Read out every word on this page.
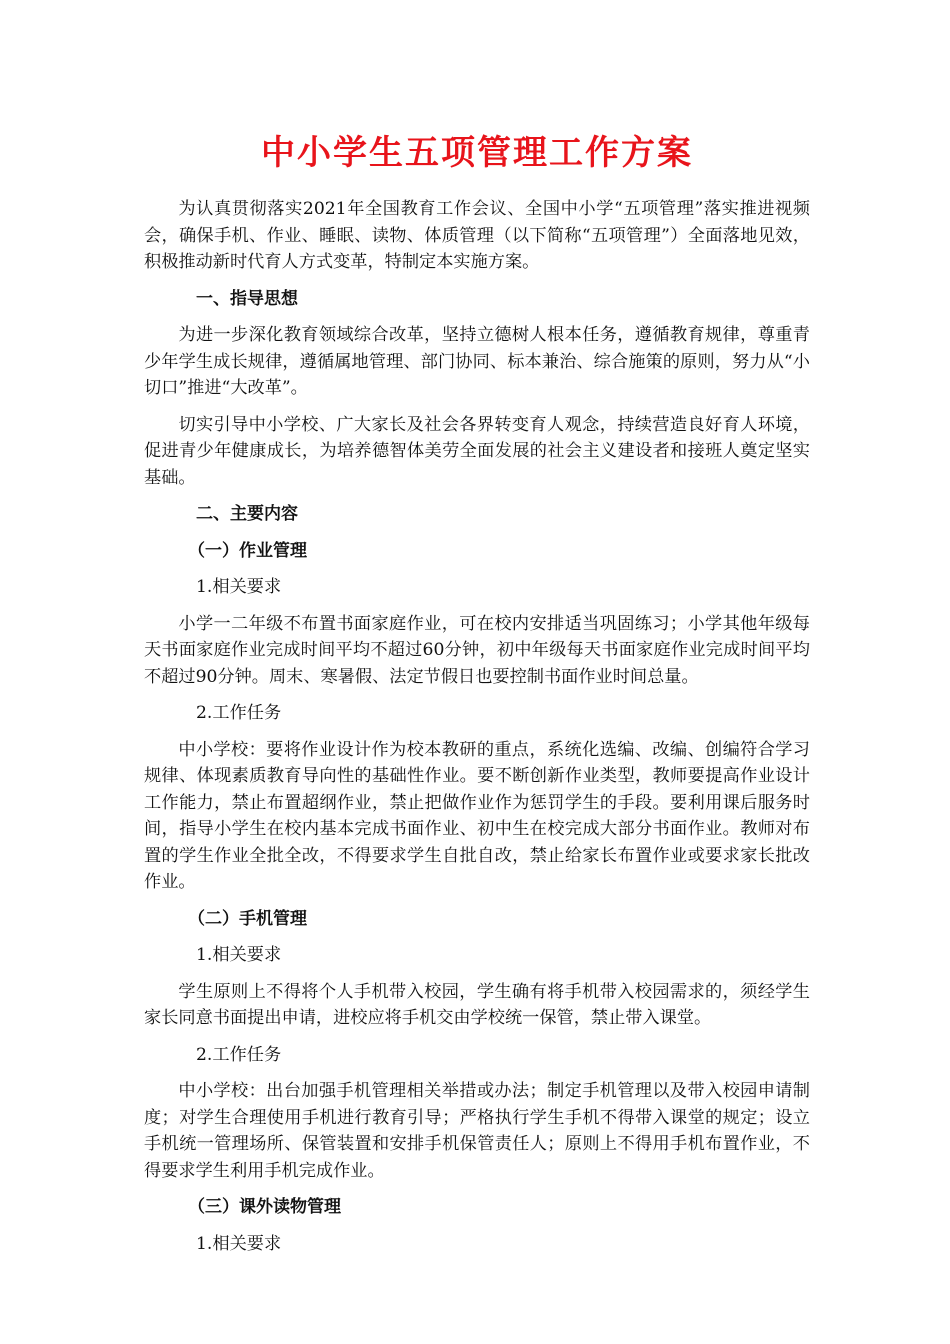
中小学生五项管理工作方案

为认真贯彻落实2021年全国教育工作会议、全国中小学“五项管理”落实推进视频会，确保手机、作业、睡眠、读物、体质管理（以下简称“五项管理”）全面落地见效，积极推动新时代育人方式变革，特制定本实施方案。

一、指导思想

为进一步深化教育领域综合改革，坚持立德树人根本任务，遵循教育规律，尊重青少年学生成长规律，遵循属地管理、部门协同、标本兼治、综合施策的原则，努力从“小切口”推进“大改革”。

切实引导中小学校、广大家长及社会各界转变育人观念，持续营造良好育人环境，促进青少年健康成长，为培养德智体美劳全面发展的社会主义建设者和接班人奠定坚实基础。

二、主要内容

（一）作业管理

1.相关要求

小学一二年级不布置书面家庭作业，可在校内安排适当巩固练习；小学其他年级每天书面家庭作业完成时间平均不超过60分钟，初中年级每天书面家庭作业完成时间平均不超过90分钟。周末、寒暑假、法定节假日也要控制书面作业时间总量。

2.工作任务

中小学校：要将作业设计作为校本教研的重点，系统化选编、改编、创编符合学习规律、体现素质教育导向性的基础性作业。要不断创新作业类型，教师要提高作业设计工作能力，禁止布置超纲作业，禁止把做作业作为惩罚学生的手段。要利用课后服务时间，指导小学生在校内基本完成书面作业、初中生在校完成大部分书面作业。教师对布置的学生作业全批全改，不得要求学生自批自改，禁止给家长布置作业或要求家长批改作业。

（二）手机管理

1.相关要求

学生原则上不得将个人手机带入校园，学生确有将手机带入校园需求的，须经学生家长同意书面提出申请，进校应将手机交由学校统一保管，禁止带入课堂。

2.工作任务

中小学校：出台加强手机管理相关举措或办法；制定手机管理以及带入校园申请制度；对学生合理使用手机进行教育引导；严格执行学生手机不得带入课堂的规定；设立手机统一管理场所、保管装置和安排手机保管责任人；原则上不得用手机布置作业，不得要求学生利用手机完成作业。

（三）课外读物管理

1.相关要求
